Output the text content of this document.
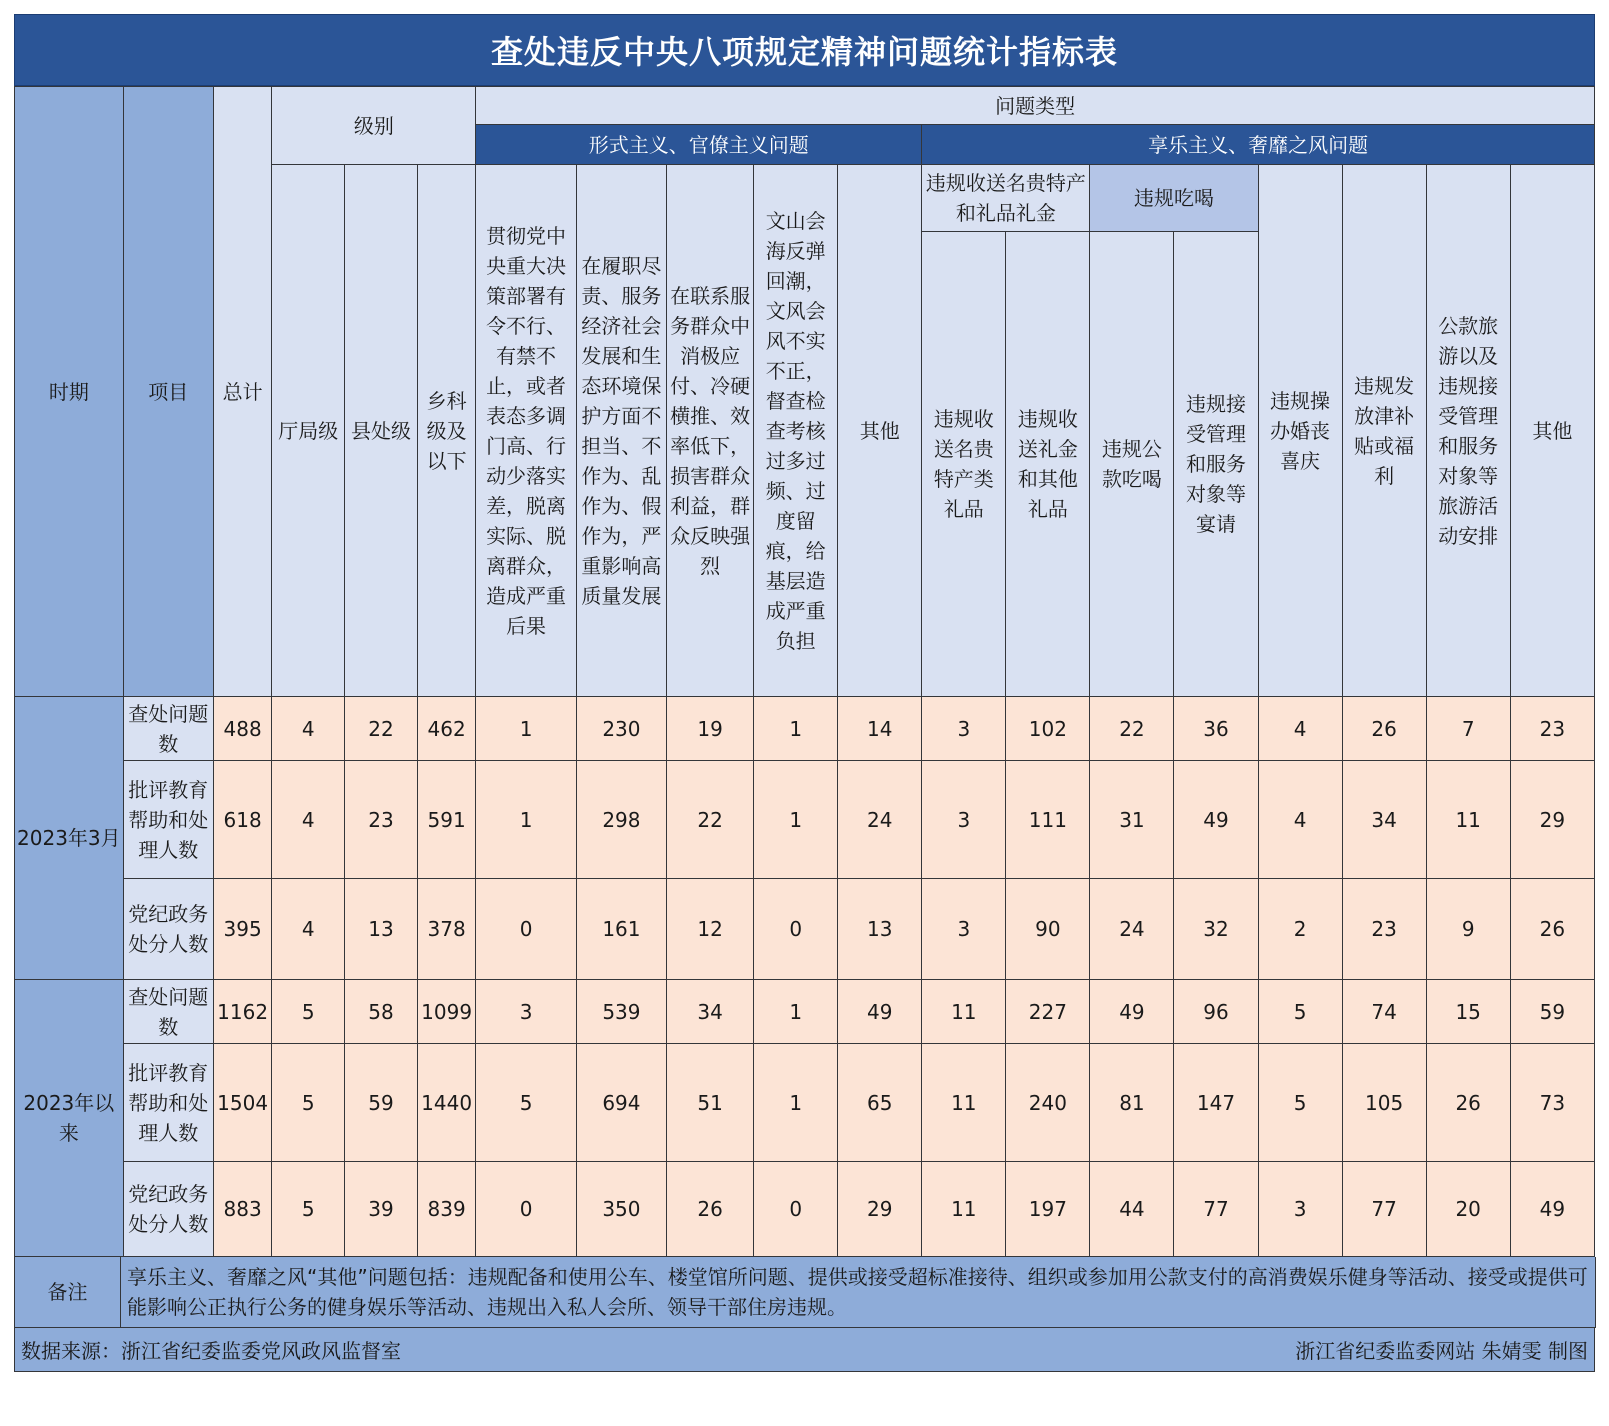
查处违反中央八项规定精神问题统计指标表
时期	项目	总计	级别			问题类型												
						形式主义、官僚主义问题					享乐主义、奢靡之风问题							
			厅局级	县处级	乡科级及以下	贯彻党中央重大决策部署有令不行、有禁不止，或者表态多调门高、行动少落实差，脱离实际、脱离群众，造成严重后果	在履职尽责、服务经济社会发展和生态环境保护方面不担当、不作为、乱作为、假作为，严重影响高质量发展	在联系服务群众中消极应付、冷硬横推、效率低下，损害群众利益，群众反映强烈	文山会海反弹回潮，文风会风不实不正，督查检查考核过多过频、过度留痕，给基层造成严重负担	其他	违规收送名贵特产和礼品礼金		违规吃喝		违规操办婚丧喜庆	违规发放津补贴或福利	公款旅游以及违规接受管理和服务对象等旅游活动安排	其他
											违规收送名贵特产类礼品	违规收送礼金和其他礼品	违规公款吃喝	违规接受管理和服务对象等宴请				

2023年3月	查处问题数	488	4	22	462	1	230	19	1	14	3	102	22	36	4	26	7	23
	批评教育帮助和处理人数	618	4	23	591	1	298	22	1	24	3	111	31	49	4	34	11	29
	党纪政务处分人数	395	4	13	378	0	161	12	0	13	3	90	24	32	2	23	9	26
2023年以来	查处问题数	1162	5	58	1099	3	539	34	1	49	11	227	49	96	5	74	15	59
	批评教育帮助和处理人数	1504	5	59	1440	5	694	51	1	65	11	240	81	147	5	105	26	73
	党纪政务处分人数	883	5	39	839	0	350	26	0	29	11	197	44	77	3	77	20	49
备注	享乐主义、奢靡之风“其他”问题包括：违规配备和使用公车、楼堂馆所问题、提供或接受超标准接待、组织或参加用公款支付的高消费娱乐健身等活动、接受或提供可能影响公正执行公务的健身娱乐等活动、违规出入私人会所、领导干部住房违规。
数据来源：浙江省纪委监委党风政风监督室	浙江省纪委监委网站 朱婧雯 制图
